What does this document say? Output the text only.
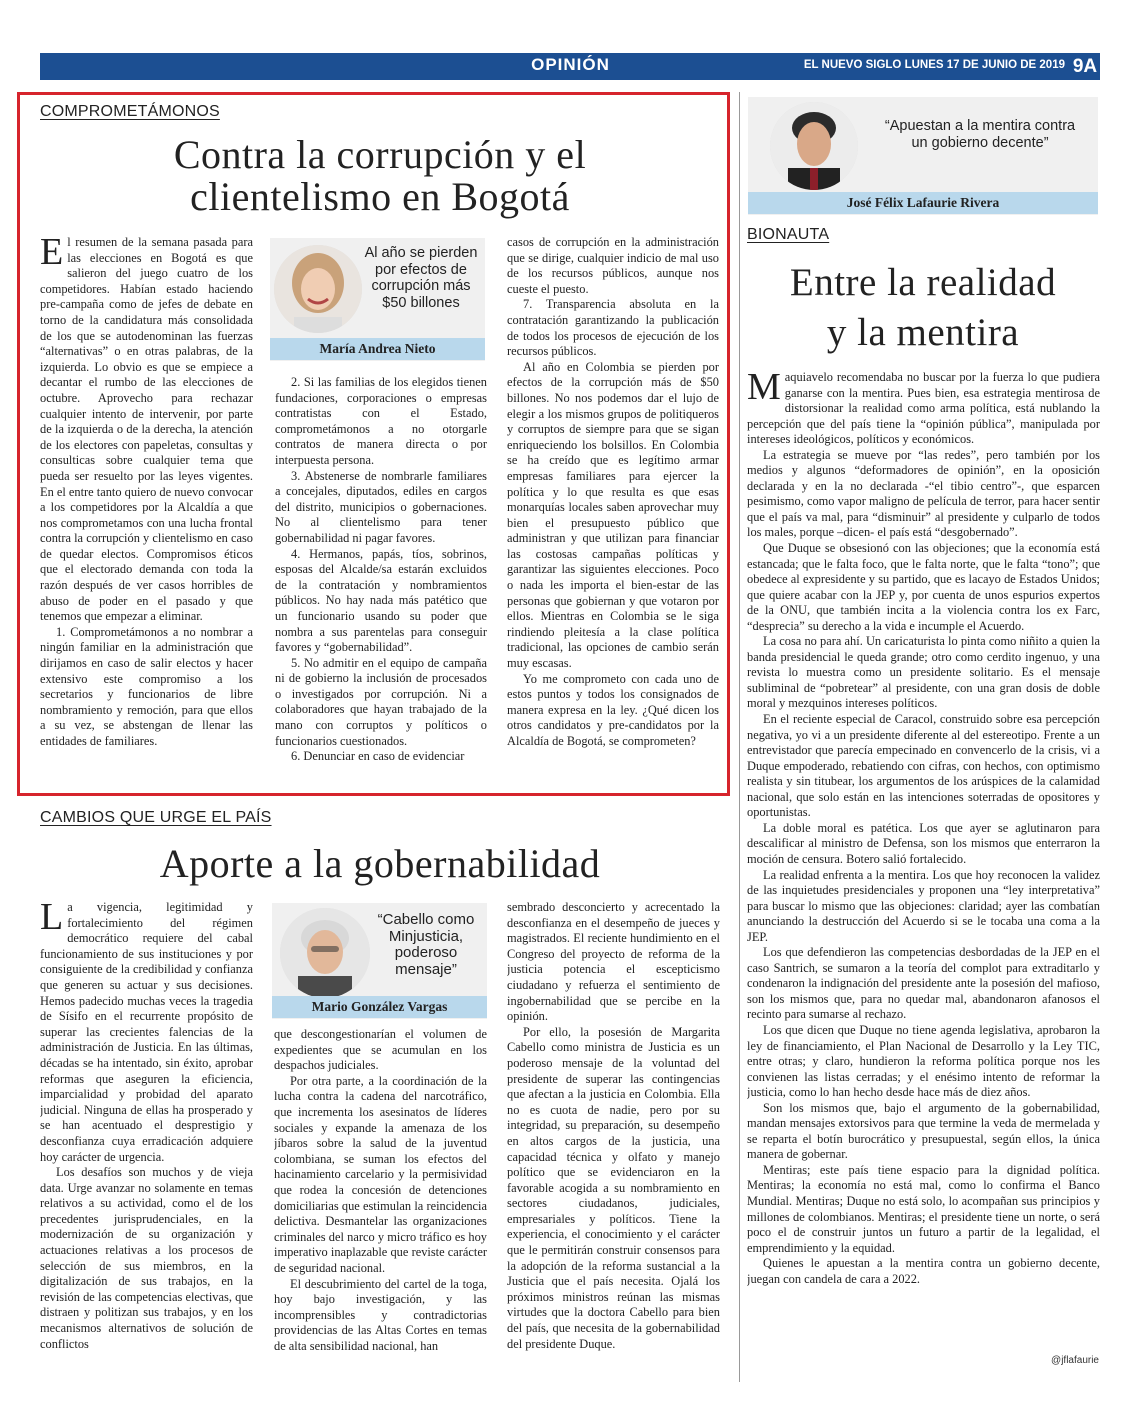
OPINIÓN	EL NUEVO SIGLO LUNES 17 DE JUNIO DE 2019 9A
COMPROMETÁMONOS
Contra la corrupción y el
clientelismo en Bogotá

El resumen de la semana pasada para las elecciones en Bogotá es que salieron del juego cuatro de los competidores. Habían estado haciendo pre-campaña como de jefes de debate en torno de la candidatura más consolidada de los que se autodenominan las fuerzas “alternativas” o en otras palabras, de la izquierda. Lo obvio es que se empiece a decantar el rumbo de las elecciones de octubre. Aprovecho para rechazar cualquier intento de intervenir, por parte de la izquierda o de la derecha, la atención de los electores con papeletas, consultas y consulticas sobre cualquier tema que pueda ser resuelto por las leyes vigentes. En el entre tanto quiero de nuevo convocar a los competidores por la Alcaldía a que nos comprometamos con una lucha frontal contra la corrupción y clientelismo en caso de quedar electos. Compromisos éticos que el electorado demanda con toda la razón después de ver casos horribles de abuso de poder en el pasado y que tenemos que empezar a eliminar.

1. Comprometámonos a no nombrar a ningún familiar en la administración que dirijamos en caso de salir electos y hacer extensivo este compromiso a los secretarios y funcionarios de libre nombramiento y remoción, para que ellos a su vez, se abstengan de llenar las entidades de familiares.

Al año se pierden por efectos de corrupción más $50 billones
María Andrea Nieto

2. Si las familias de los elegidos tienen fundaciones, corporaciones o empresas contratistas con el Estado, comprometámonos a no otorgarle contratos de manera directa o por interpuesta persona.

3. Abstenerse de nombrarle familiares a concejales, diputados, ediles en cargos del distrito, municipios o gobernaciones. No al clientelismo para tener gobernabilidad ni pagar favores.

4. Hermanos, papás, tíos, sobrinos, esposas del Alcalde/sa estarán excluidos de la contratación y nombramientos públicos. No hay nada más patético que un funcionario usando su poder que nombra a sus parentelas para conseguir favores y “gobernabilidad”.

5. No admitir en el equipo de campaña ni de gobierno la inclusión de procesados o investigados por corrupción. Ni a colaboradores que hayan trabajado de la mano con corruptos y políticos o funcionarios cuestionados.

6. Denunciar en caso de evidenciar

casos de corrupción en la administración que se dirige, cualquier indicio de mal uso de los recursos públicos, aunque nos cueste el puesto.

7. Transparencia absoluta en la contratación garantizando la publicación de todos los procesos de ejecución de los recursos públicos.

Al año en Colombia se pierden por efectos de la corrupción más de $50 billones. No nos podemos dar el lujo de elegir a los mismos grupos de politiqueros y corruptos de siempre para que se sigan enriqueciendo los bolsillos. En Colombia se ha creído que es legítimo armar empresas familiares para ejercer la política y lo que resulta es que esas monarquías locales saben aprovechar muy bien el presupuesto público que administran y que utilizan para financiar las costosas campañas políticas y garantizar las siguientes elecciones. Poco o nada les importa el bien-estar de las personas que gobiernan y que votaron por ellos. Mientras en Colombia se le siga rindiendo pleitesía a la clase política tradicional, las opciones de cambio serán muy escasas.

Yo me comprometo con cada uno de estos puntos y todos los consignados de manera expresa en la ley. ¿Qué dicen los otros candidatos y pre-candidatos por la Alcaldía de Bogotá, se comprometen?

CAMBIOS QUE URGE EL PAÍS
Aporte a la gobernabilidad

La vigencia, legitimidad y fortalecimiento del régimen democrático requiere del cabal funcionamiento de sus instituciones y por consiguiente de la credibilidad y confianza que generen su actuar y sus decisiones. Hemos padecido muchas veces la tragedia de Sísifo en el recurrente propósito de superar las crecientes falencias de la administración de Justicia. En las últimas, décadas se ha intentado, sin éxito, aprobar reformas que aseguren la eficiencia, imparcialidad y probidad del aparato judicial. Ninguna de ellas ha prosperado y se han acentuado el desprestigio y desconfianza cuya erradicación adquiere hoy carácter de urgencia.

Los desafíos son muchos y de vieja data. Urge avanzar no solamente en temas relativos a su actividad, como el de los precedentes jurisprudenciales, en la modernización de su organización y actuaciones relativas a los procesos de selección de sus miembros, en la digitalización de sus trabajos, en la revisión de las competencias electivas, que distraen y politizan sus trabajos, y en los mecanismos alternativos de solución de conflictos

“Cabello como Minjusticia, poderoso mensaje”
Mario González Vargas

que descongestionarían el volumen de expedientes que se acumulan en los despachos judiciales.

Por otra parte, a la coordinación de la lucha contra la cadena del narcotráfico, que incrementa los asesinatos de líderes sociales y expande la amenaza de los jíbaros sobre la salud de la juventud colombiana, se suman los efectos del hacinamiento carcelario y la permisividad que rodea la concesión de detenciones domiciliarias que estimulan la reincidencia delictiva. Desmantelar las organizaciones criminales del narco y micro tráfico es hoy imperativo inaplazable que reviste carácter de seguridad nacional.

El descubrimiento del cartel de la toga, hoy bajo investigación, y las incomprensibles y contradictorias providencias de las Altas Cortes en temas de alta sensibilidad nacional, han

sembrado desconcierto y acrecentado la desconfianza en el desempeño de jueces y magistrados. El reciente hundimiento en el Congreso del proyecto de reforma de la justicia potencia el escepticismo ciudadano y refuerza el sentimiento de ingobernabilidad que se percibe en la opinión.

Por ello, la posesión de Margarita Cabello como ministra de Justicia es un poderoso mensaje de la voluntad del presidente de superar las contingencias que afectan a la justicia en Colombia. Ella no es cuota de nadie, pero por su integridad, su preparación, su desempeño en altos cargos de la justicia, una capacidad técnica y olfato y manejo político que se evidenciaron en la favorable acogida a su nombramiento en sectores ciudadanos, judiciales, empresariales y políticos. Tiene la experiencia, el conocimiento y el carácter que le permitirán construir consensos para la adopción de la reforma sustancial a la Justicia que el país necesita. Ojalá los próximos ministros reúnan las mismas virtudes que la doctora Cabello para bien del país, que necesita de la gobernabilidad del presidente Duque.

“Apuestan a la mentira contra un gobierno decente”
José Félix Lafaurie Rivera
BIONAUTA
Entre la realidad
y la mentira

Maquiavelo recomendaba no buscar por la fuerza lo que pudiera ganarse con la mentira. Pues bien, esa estrategia mentirosa de distorsionar la realidad como arma política, está nublando la percepción que del país tiene la “opinión pública”, manipulada por intereses ideológicos, políticos y económicos.

La estrategia se mueve por “las redes”, pero también por los medios y algunos “deformadores de opinión”, en la oposición declarada y en la no declarada -“el tibio centro”-, que esparcen pesimismo, como vapor maligno de película de terror, para hacer sentir que el país va mal, para “disminuir” al presidente y culparlo de todos los males, porque –dicen- el país está “desgobernado”.

Que Duque se obsesionó con las objeciones; que la economía está estancada; que le falta foco, que le falta norte, que le falta “tono”; que obedece al expresidente y su partido, que es lacayo de Estados Unidos; que quiere acabar con la JEP y, por cuenta de unos espurios expertos de la ONU, que también incita a la violencia contra los ex Farc, “desprecia” su derecho a la vida e incumple el Acuerdo.

La cosa no para ahí. Un caricaturista lo pinta como niñito a quien la banda presidencial le queda grande; otro como cerdito ingenuo, y una revista lo muestra como un presidente solitario. Es el mensaje subliminal de “pobretear” al presidente, con una gran dosis de doble moral y mezquinos intereses políticos.

En el reciente especial de Caracol, construido sobre esa percepción negativa, yo vi a un presidente diferente al del estereotipo. Frente a un entrevistador que parecía empecinado en convencerlo de la crisis, vi a Duque empoderado, rebatiendo con cifras, con hechos, con optimismo realista y sin titubear, los argumentos de los arúspices de la calamidad nacional, que solo están en las intenciones soterradas de opositores y oportunistas.

La doble moral es patética. Los que ayer se aglutinaron para descalificar al ministro de Defensa, son los mismos que enterraron la moción de censura. Botero salió fortalecido.

La realidad enfrenta a la mentira. Los que hoy reconocen la validez de las inquietudes presidenciales y proponen una “ley interpretativa” para buscar lo mismo que las objeciones: claridad; ayer las combatían anunciando la destrucción del Acuerdo si se le tocaba una coma a la JEP.

Los que defendieron las competencias desbordadas de la JEP en el caso Santrich, se sumaron a la teoría del complot para extraditarlo y condenaron la indignación del presidente ante la posesión del mafioso, son los mismos que, para no quedar mal, abandonaron afanosos el recinto para sumarse al rechazo.

Los que dicen que Duque no tiene agenda legislativa, aprobaron la ley de financiamiento, el Plan Nacional de Desarrollo y la Ley TIC, entre otras; y claro, hundieron la reforma política porque nos les convienen las listas cerradas; y el enésimo intento de reformar la justicia, como lo han hecho desde hace más de diez años.

Son los mismos que, bajo el argumento de la gobernabilidad, mandan mensajes extorsivos para que termine la veda de mermelada y se reparta el botín burocrático y presupuestal, según ellos, la única manera de gobernar.

Mentiras; este país tiene espacio para la dignidad política. Mentiras; la economía no está mal, como lo confirma el Banco Mundial. Mentiras; Duque no está solo, lo acompañan sus principios y millones de colombianos. Mentiras; el presidente tiene un norte, o será poco el de construir juntos un futuro a partir de la legalidad, el emprendimiento y la equidad.

Quienes le apuestan a la mentira contra un gobierno decente, juegan con candela de cara a 2022.

@jflafaurie
